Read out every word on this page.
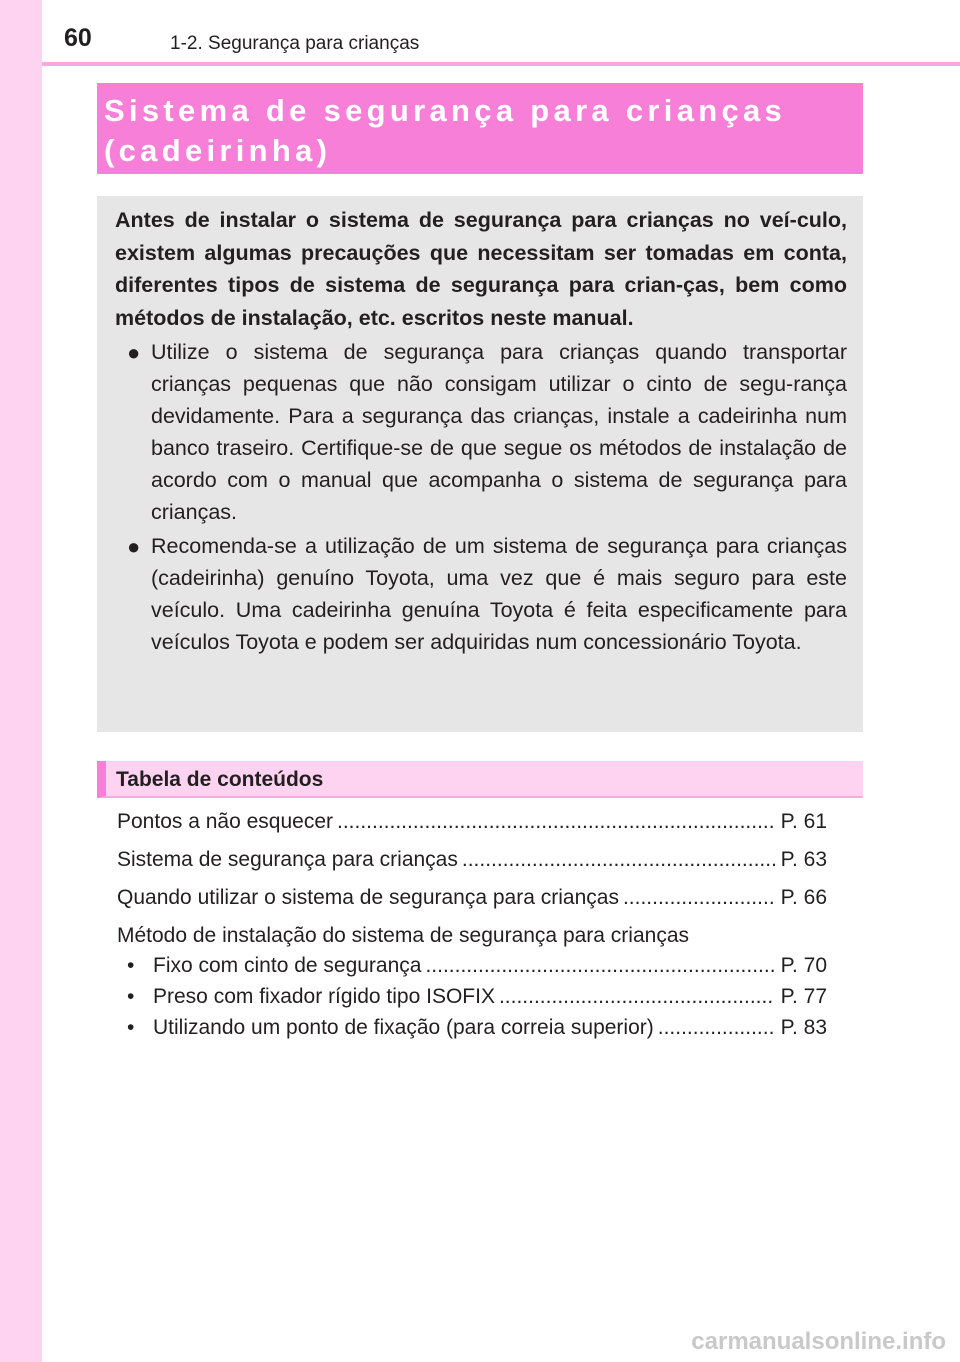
60	1-2. Segurança para crianças

Sistema de segurança para crianças
(cadeirinha)

Antes de instalar o sistema de segurança para crianças no veí-culo, existem algumas precauções que necessitam ser tomadas em conta, diferentes tipos de sistema de segurança para crian-ças, bem como métodos de instalação, etc. escritos neste manual.

● Utilize o sistema de segurança para crianças quando transportar crianças pequenas que não consigam utilizar o cinto de segu-rança devidamente. Para a segurança das crianças, instale a cadeirinha num banco traseiro. Certifique-se de que segue os métodos de instalação de acordo com o manual que acompanha o sistema de segurança para crianças.
● Recomenda-se a utilização de um sistema de segurança para crianças (cadeirinha) genuíno Toyota, uma vez que é mais seguro para este veículo. Uma cadeirinha genuína Toyota é feita especificamente para veículos Toyota e podem ser adquiridas num concessionário Toyota.

Tabela de conteúdos

Pontos a não esquecer .....	P. 61
Sistema de segurança para crianças .....	P. 63
Quando utilizar o sistema de segurança para crianças .....	P. 66
Método de instalação do sistema de segurança para crianças
• Fixo com cinto de segurança .....	P. 70
• Preso com fixador rígido tipo ISOFIX .....	P. 77
• Utilizando um ponto de fixação (para correia superior) .....	P. 83
carmanualsonline.info
